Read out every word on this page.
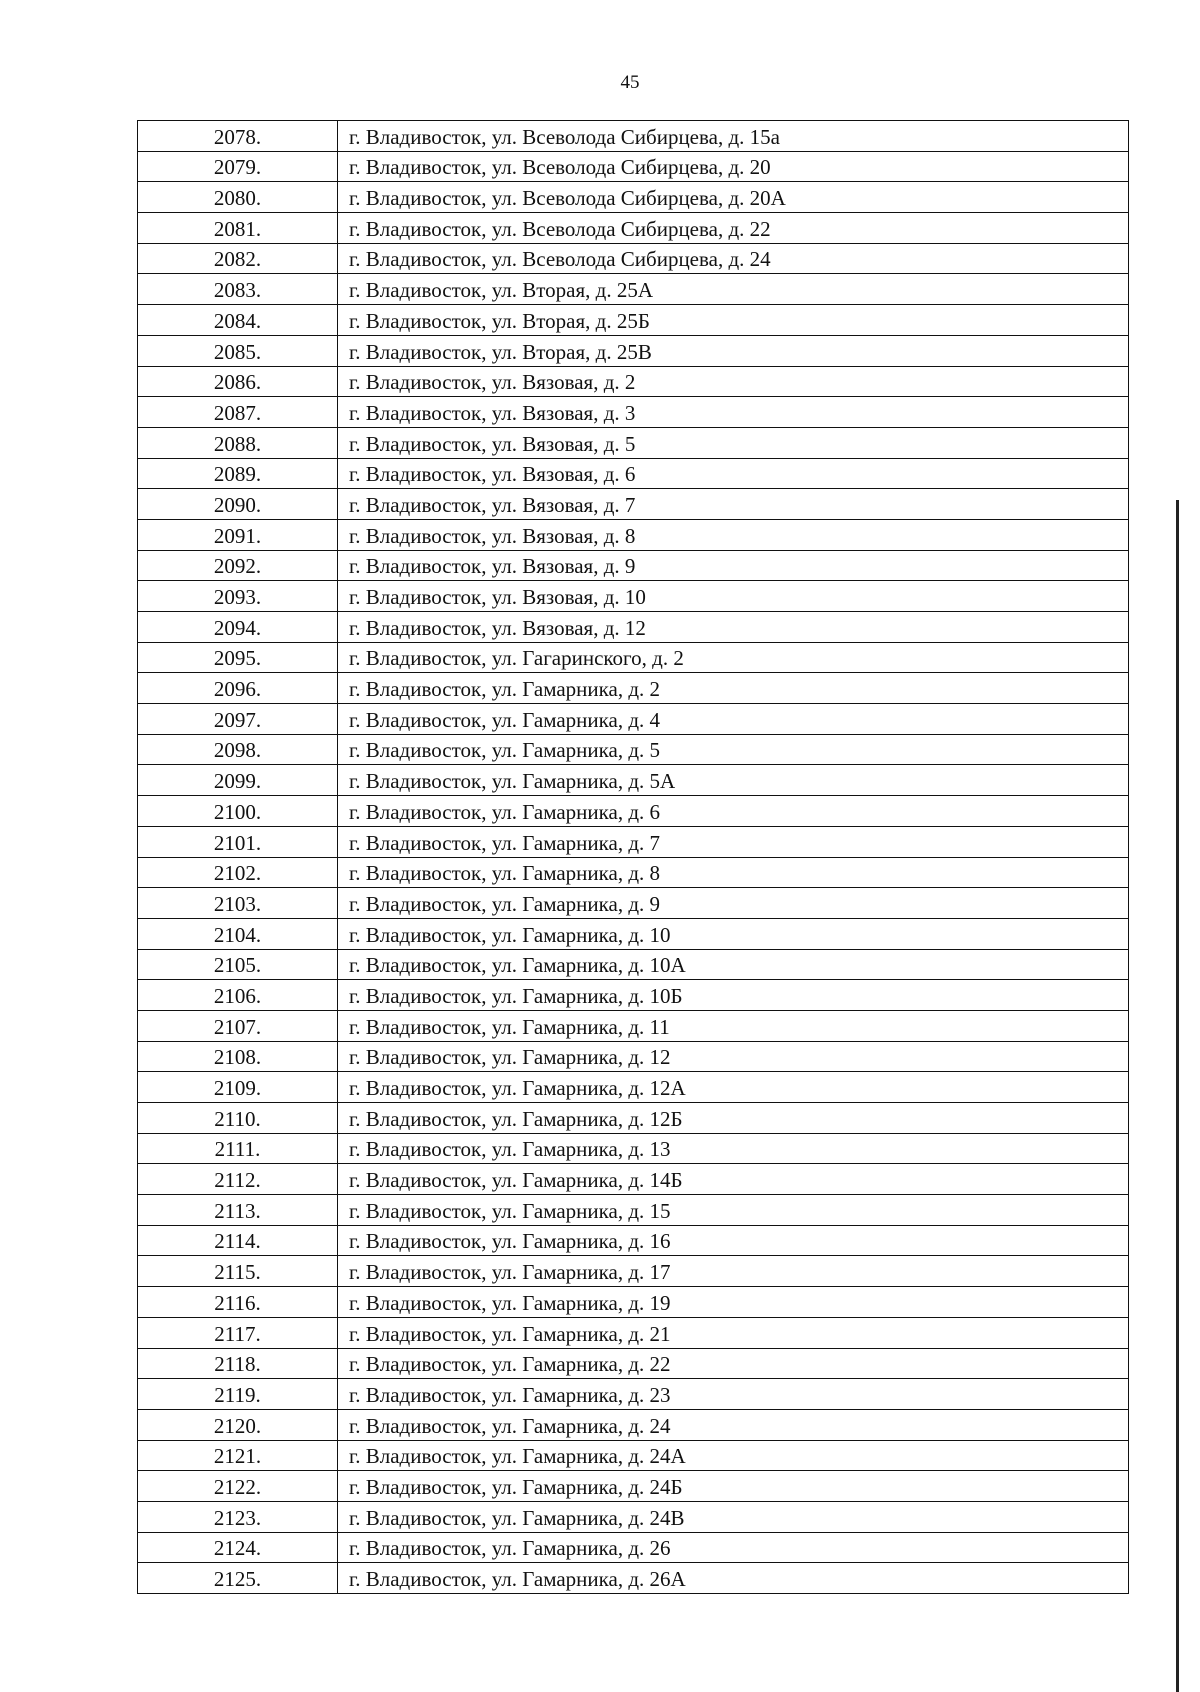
45
2078.	г. Владивосток, ул. Всеволода Сибирцева, д. 15а
2079.	г. Владивосток, ул. Всеволода Сибирцева, д. 20
2080.	г. Владивосток, ул. Всеволода Сибирцева, д. 20А
2081.	г. Владивосток, ул. Всеволода Сибирцева, д. 22
2082.	г. Владивосток, ул. Всеволода Сибирцева, д. 24
2083.	г. Владивосток, ул. Вторая, д. 25А
2084.	г. Владивосток, ул. Вторая, д. 25Б
2085.	г. Владивосток, ул. Вторая, д. 25В
2086.	г. Владивосток, ул. Вязовая, д. 2
2087.	г. Владивосток, ул. Вязовая, д. 3
2088.	г. Владивосток, ул. Вязовая, д. 5
2089.	г. Владивосток, ул. Вязовая, д. 6
2090.	г. Владивосток, ул. Вязовая, д. 7
2091.	г. Владивосток, ул. Вязовая, д. 8
2092.	г. Владивосток, ул. Вязовая, д. 9
2093.	г. Владивосток, ул. Вязовая, д. 10
2094.	г. Владивосток, ул. Вязовая, д. 12
2095.	г. Владивосток, ул. Гагаринского, д. 2
2096.	г. Владивосток, ул. Гамарника, д. 2
2097.	г. Владивосток, ул. Гамарника, д. 4
2098.	г. Владивосток, ул. Гамарника, д. 5
2099.	г. Владивосток, ул. Гамарника, д. 5А
2100.	г. Владивосток, ул. Гамарника, д. 6
2101.	г. Владивосток, ул. Гамарника, д. 7
2102.	г. Владивосток, ул. Гамарника, д. 8
2103.	г. Владивосток, ул. Гамарника, д. 9
2104.	г. Владивосток, ул. Гамарника, д. 10
2105.	г. Владивосток, ул. Гамарника, д. 10А
2106.	г. Владивосток, ул. Гамарника, д. 10Б
2107.	г. Владивосток, ул. Гамарника, д. 11
2108.	г. Владивосток, ул. Гамарника, д. 12
2109.	г. Владивосток, ул. Гамарника, д. 12А
2110.	г. Владивосток, ул. Гамарника, д. 12Б
2111.	г. Владивосток, ул. Гамарника, д. 13
2112.	г. Владивосток, ул. Гамарника, д. 14Б
2113.	г. Владивосток, ул. Гамарника, д. 15
2114.	г. Владивосток, ул. Гамарника, д. 16
2115.	г. Владивосток, ул. Гамарника, д. 17
2116.	г. Владивосток, ул. Гамарника, д. 19
2117.	г. Владивосток, ул. Гамарника, д. 21
2118.	г. Владивосток, ул. Гамарника, д. 22
2119.	г. Владивосток, ул. Гамарника, д. 23
2120.	г. Владивосток, ул. Гамарника, д. 24
2121.	г. Владивосток, ул. Гамарника, д. 24А
2122.	г. Владивосток, ул. Гамарника, д. 24Б
2123.	г. Владивосток, ул. Гамарника, д. 24В
2124.	г. Владивосток, ул. Гамарника, д. 26
2125.	г. Владивосток, ул. Гамарника, д. 26А
